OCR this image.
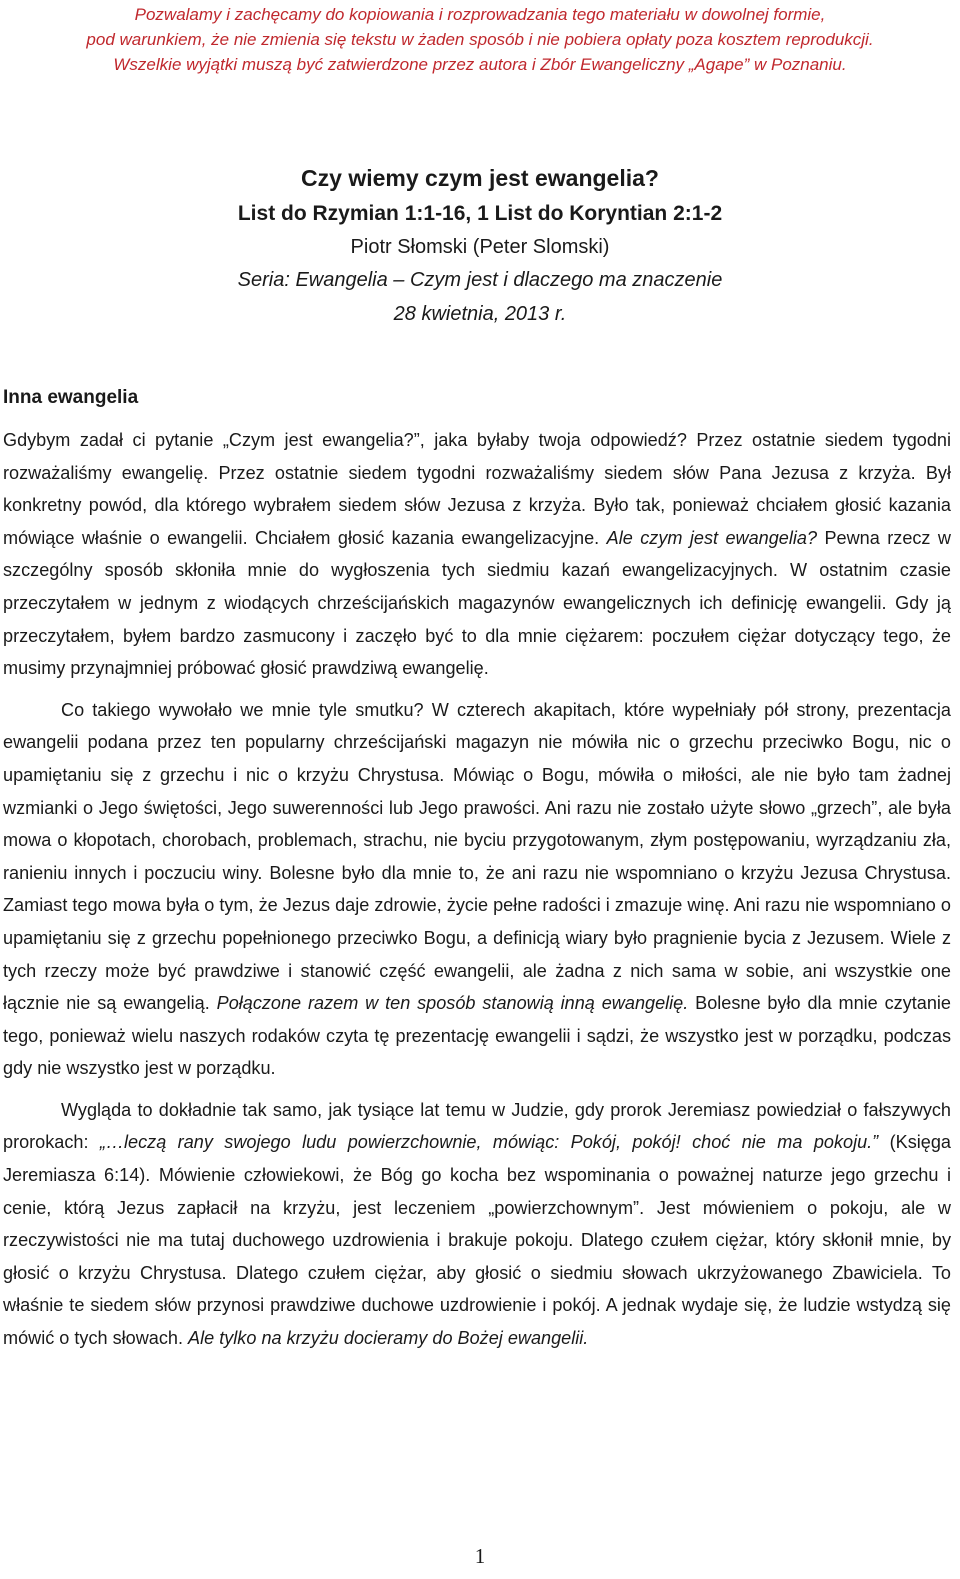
Pozwalamy i zachęcamy do kopiowania i rozprowadzania tego materiału w dowolnej formie,
pod warunkiem, że nie zmienia się tekstu w żaden sposób i nie pobiera opłaty poza kosztem reprodukcji.
Wszelkie wyjątki muszą być zatwierdzone przez autora i Zbór Ewangeliczny „Agape” w Poznaniu.
Czy wiemy czym jest ewangelia?
List do Rzymian 1:1-16, 1 List do Koryntian 2:1-2
Piotr Słomski (Peter Slomski)
Seria: Ewangelia – Czym jest i dlaczego ma znaczenie
28 kwietnia, 2013 r.
Inna ewangelia

Gdybym zadał ci pytanie „Czym jest ewangelia?”, jaka byłaby twoja odpowiedź? Przez ostatnie siedem tygodni rozważaliśmy ewangelię. Przez ostatnie siedem tygodni rozważaliśmy siedem słów Pana Jezusa z krzyża. Był konkretny powód, dla którego wybrałem siedem słów Jezusa z krzyża. Było tak, ponieważ chciałem głosić kazania mówiące właśnie o ewangelii. Chciałem głosić kazania ewangelizacyjne. Ale czym jest ewangelia? Pewna rzecz w szczególny sposób skłoniła mnie do wygłoszenia tych siedmiu kazań ewangelizacyjnych. W ostatnim czasie przeczytałem w jednym z wiodących chrześcijańskich magazynów ewangelicznych ich definicję ewangelii. Gdy ją przeczytałem, byłem bardzo zasmucony i zaczęło być to dla mnie ciężarem: poczułem ciężar dotyczący tego, że musimy przynajmniej próbować głosić prawdziwą ewangelię.

Co takiego wywołało we mnie tyle smutku? W czterech akapitach, które wypełniały pół strony, prezentacja ewangelii podana przez ten popularny chrześcijański magazyn nie mówiła nic o grzechu przeciwko Bogu, nic o upamiętaniu się z grzechu i nic o krzyżu Chrystusa. Mówiąc o Bogu, mówiła o miłości, ale nie było tam żadnej wzmianki o Jego świętości, Jego suwerenności lub Jego prawości. Ani razu nie zostało użyte słowo „grzech”, ale była mowa o kłopotach, chorobach, problemach, strachu, nie byciu przygotowanym, złym postępowaniu, wyrządzaniu zła, ranieniu innych i poczuciu winy. Bolesne było dla mnie to, że ani razu nie wspomniano o krzyżu Jezusa Chrystusa. Zamiast tego mowa była o tym, że Jezus daje zdrowie, życie pełne radości i zmazuje winę. Ani razu nie wspomniano o upamiętaniu się z grzechu popełnionego przeciwko Bogu, a definicją wiary było pragnienie bycia z Jezusem. Wiele z tych rzeczy może być prawdziwe i stanowić część ewangelii, ale żadna z nich sama w sobie, ani wszystkie one łącznie nie są ewangelią. Połączone razem w ten sposób stanowią inną ewangelię. Bolesne było dla mnie czytanie tego, ponieważ wielu naszych rodaków czyta tę prezentację ewangelii i sądzi, że wszystko jest w porządku, podczas gdy nie wszystko jest w porządku.

Wygląda to dokładnie tak samo, jak tysiące lat temu w Judzie, gdy prorok Jeremiasz powiedział o fałszywych prorokach: „…leczą rany swojego ludu powierzchownie, mówiąc: Pokój, pokój! choć nie ma pokoju.” (Księga Jeremiasza 6:14). Mówienie człowiekowi, że Bóg go kocha bez wspominania o poważnej naturze jego grzechu i cenie, którą Jezus zapłacił na krzyżu, jest leczeniem „powierzchownym”. Jest mówieniem o pokoju, ale w rzeczywistości nie ma tutaj duchowego uzdrowienia i brakuje pokoju. Dlatego czułem ciężar, który skłonił mnie, by głosić o krzyżu Chrystusa. Dlatego czułem ciężar, aby głosić o siedmiu słowach ukrzyżowanego Zbawiciela. To właśnie te siedem słów przynosi prawdziwe duchowe uzdrowienie i pokój. A jednak wydaje się, że ludzie wstydzą się mówić o tych słowach. Ale tylko na krzyżu docieramy do Bożej ewangelii.

1
